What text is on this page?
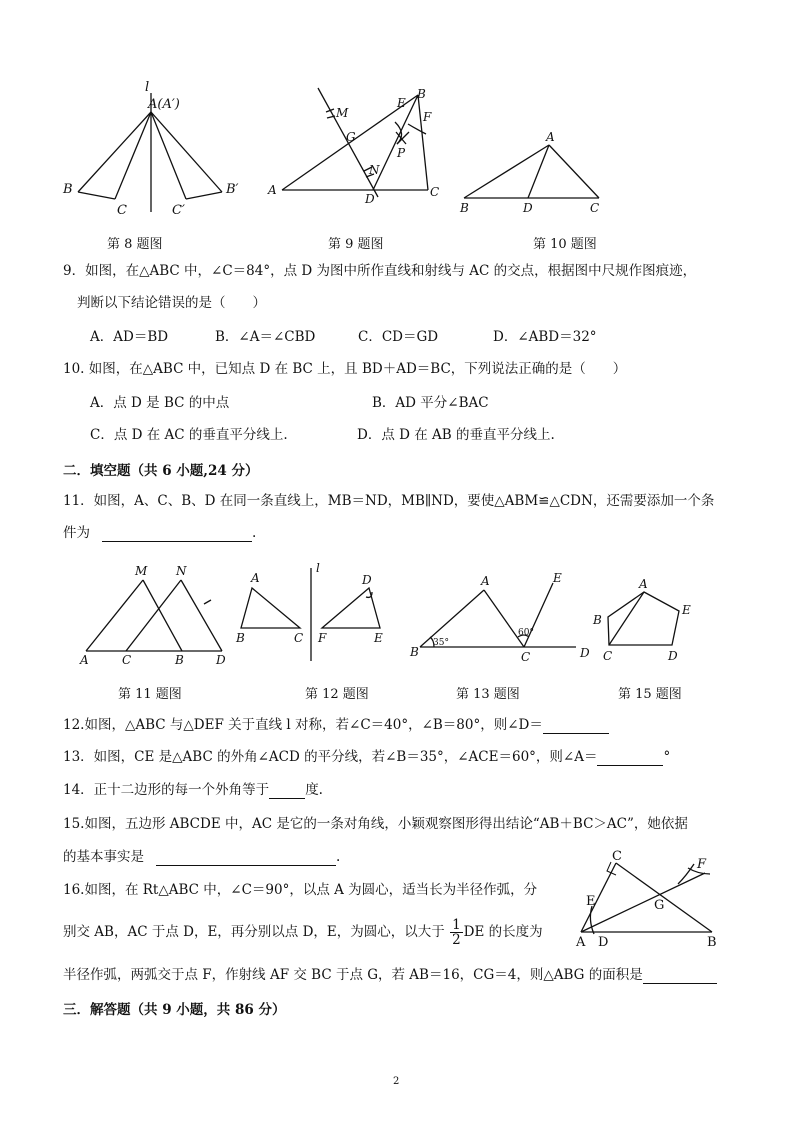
l
A(A′)
B
C	C′
B′
M
E
B
F
G
P
N
A
D	C
A
B	D	C
第 8 题图	第 9 题图	第 10 题图
9．如图，在△ABC 中，∠C＝84°，点 D 为图中所作直线和射线与 AC 的交点，根据图中尺规作图痕迹，
判断以下结论错误的是（　　）
A．AD＝BD	B．∠A＝∠CBD	C．CD＝GD	D．∠ABD＝32°
10. 如图，在△ABC 中，已知点 D 在 BC 上，且 BD＋AD＝BC，下列说法正确的是（　　）
A．点 D 是 BC 的中点	B．AD 平分∠BAC
C．点 D 在 AC 的垂直平分线上.	D．点 D 在 AB 的垂直平分线上.
二．填空题（共 6 小题,24 分）
11．如图，A、C、B、D 在同一条直线上，MB＝ND，MB∥ND，要使△ABM≌△CDN，还需要添加一个条
件为	.
M N
A	C	B	D
l
A
B	C
D
F	E
A	E
B	C	D
35°
60°
A
B
E
C	D
第 11 题图	第 12 题图	第 13 题图	第 15 题图
12.如图，△ABC 与△DEF 关于直线 l 对称，若∠C＝40°，∠B＝80°，则∠D＝
13．如图，CE 是△ABC 的外角∠ACD 的平分线，若∠B＝35°，∠ACE＝60°，则∠A＝	°
14．正十二边形的每一个外角等于	度.
15.如图，五边形 ABCDE 中，AC 是它的一条对角线，小颖观察图形得出结论“AB＋BC＞AC”，她依据
的基本事实是	.
16.如图，在 Rt△ABC 中，∠C＝90°，以点 A 为圆心，适当长为半径作弧，分
别交 AB，AC 于点 D，E，再分别以点 D，E，为圆心，以大于 $\frac{1}{2}$ DE 的长度为
半径作弧，两弧交于点 F，作射线 AF 交 BC 于点 G，若 AB＝16，CG＝4，则△ABG 的面积是
C
F
E	G
A D	B
三．解答题（共 9 小题，共 86 分）
2
